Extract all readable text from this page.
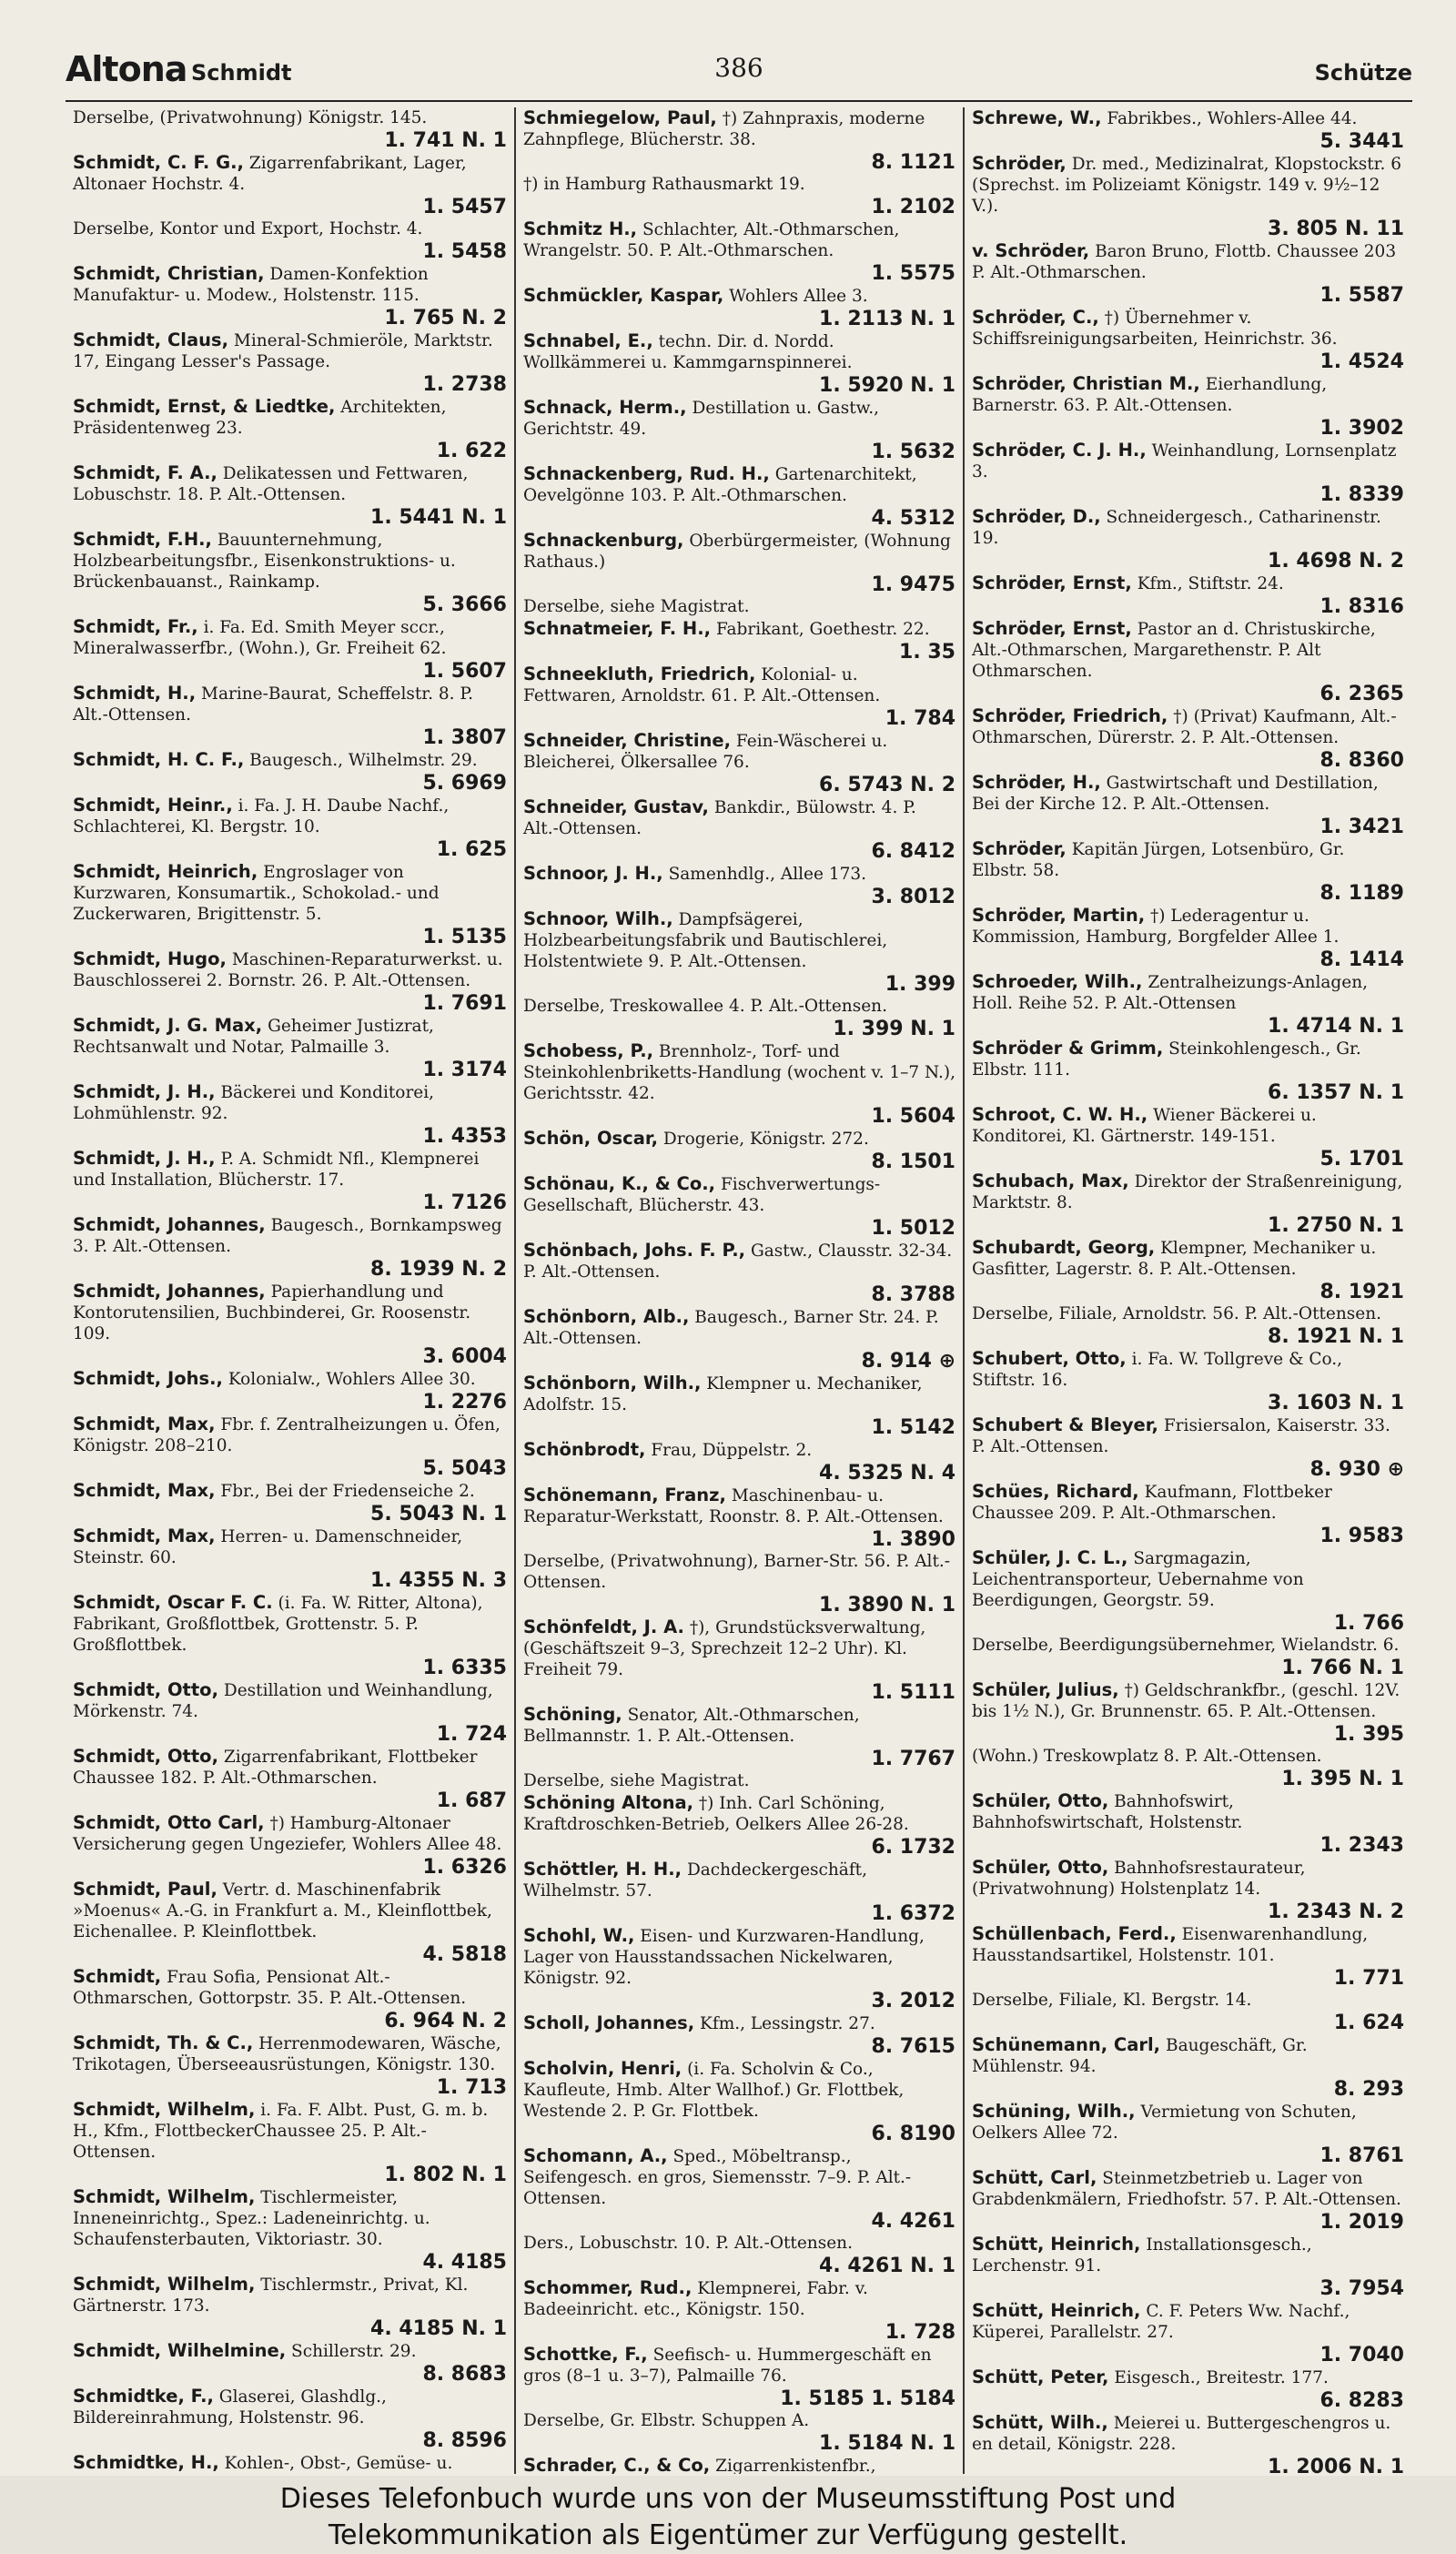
Altona Schmidt	386	Schütze
Derselbe, (Privatwohnung) Königstr. 145.
1. 741 N. 1
Schmidt, C. F. G., Zigarrenfabrikant, Lager, Altonaer Hochstr. 4.
1. 5457
Derselbe, Kontor und Export, Hochstr. 4.
1. 5458
Schmidt, Christian, Damen-Konfektion Manufaktur- u. Modew., Holstenstr. 115.
1. 765 N. 2
Schmidt, Claus, Mineral-Schmieröle, Marktstr. 17, Eingang Lesser's Passage.
1. 2738
Schmidt, Ernst, & Liedtke, Architekten, Präsidentenweg 23.
1. 622
Schmidt, F. A., Delikatessen und Fettwaren, Lobuschstr. 18. P. Alt.-Ottensen.
1. 5441 N. 1
Schmidt, F.H., Bauunternehmung, Holzbearbeitungsfbr., Eisenkonstruktions- u. Brückenbauanst., Rainkamp.
5. 3666
Schmidt, Fr., i. Fa. Ed. Smith Meyer sccr., Mineralwasserfbr., (Wohn.), Gr. Freiheit 62.
1. 5607
Schmidt, H., Marine-Baurat, Scheffelstr. 8. P. Alt.-Ottensen.
1. 3807
Schmidt, H. C. F., Baugesch., Wilhelmstr. 29.
5. 6969
Schmidt, Heinr., i. Fa. J. H. Daube Nachf., Schlachterei, Kl. Bergstr. 10.
1. 625
Schmidt, Heinrich, Engroslager von Kurzwaren, Konsumartik., Schokolad.- und Zuckerwaren, Brigittenstr. 5.
1. 5135
Schmidt, Hugo, Maschinen-Reparaturwerkst. u. Bauschlosserei 2. Bornstr. 26. P. Alt.-Ottensen.
1. 7691
Schmidt, J. G. Max, Geheimer Justizrat, Rechtsanwalt und Notar, Palmaille 3.
1. 3174
Schmidt, J. H., Bäckerei und Konditorei, Lohmühlenstr. 92.
1. 4353
Schmidt, J. H., P. A. Schmidt Nfl., Klempnerei und Installation, Blücherstr. 17.
1. 7126
Schmidt, Johannes, Baugesch., Bornkampsweg 3. P. Alt.-Ottensen.
8. 1939 N. 2
Schmidt, Johannes, Papierhandlung und Kontorutensilien, Buchbinderei, Gr. Roosenstr. 109.
3. 6004
Schmidt, Johs., Kolonialw., Wohlers Allee 30.
1. 2276
Schmidt, Max, Fbr. f. Zentralheizungen u. Öfen, Königstr. 208–210.
5. 5043
Schmidt, Max, Fbr., Bei der Friedenseiche 2.
5. 5043 N. 1
Schmidt, Max, Herren- u. Damenschneider, Steinstr. 60.
1. 4355 N. 3
Schmidt, Oscar F. C. (i. Fa. W. Ritter, Altona), Fabrikant, Großflottbek, Grottenstr. 5. P. Großflottbek.
1. 6335
Schmidt, Otto, Destillation und Weinhandlung, Mörkenstr. 74.
1. 724
Schmidt, Otto, Zigarrenfabrikant, Flottbeker Chaussee 182. P. Alt.-Othmarschen.
1. 687
Schmidt, Otto Carl, †) Hamburg-Altonaer Versicherung gegen Ungeziefer, Wohlers Allee 48.
1. 6326
Schmidt, Paul, Vertr. d. Maschinenfabrik »Moenus« A.-G. in Frankfurt a. M., Kleinflottbek, Eichenallee. P. Kleinflottbek.
4. 5818
Schmidt, Frau Sofia, Pensionat Alt.-Othmarschen, Gottorpstr. 35. P. Alt.-Ottensen.
6. 964 N. 2
Schmidt, Th. & C., Herrenmodewaren, Wäsche, Trikotagen, Überseeausrüstungen, Königstr. 130.
1. 713
Schmidt, Wilhelm, i. Fa. F. Albt. Pust, G. m. b. H., Kfm., FlottbeckerChaussee 25. P. Alt.-Ottensen.
1. 802 N. 1
Schmidt, Wilhelm, Tischlermeister, Inneneinrichtg., Spez.: Ladeneinrichtg. u. Schaufensterbauten, Viktoriastr. 30.
4. 4185
Schmidt, Wilhelm, Tischlermstr., Privat, Kl. Gärtnerstr. 173.
4. 4185 N. 1
Schmidt, Wilhelmine, Schillerstr. 29.
8. 8683
Schmidtke, F., Glaserei, Glashdlg., Bildereinrahmung, Holstenstr. 96.
8. 8596
Schmidtke, H., Kohlen-, Obst-, Gemüse- u.
Schmiegelow, Paul, †) Zahnpraxis, moderne Zahnpflege, Blücherstr. 38.
8. 1121
†) in Hamburg Rathausmarkt 19.
1. 2102
Schmitz H., Schlachter, Alt.-Othmarschen, Wrangelstr. 50. P. Alt.-Othmarschen.
1. 5575
Schmückler, Kaspar, Wohlers Allee 3.
1. 2113 N. 1
Schnabel, E., techn. Dir. d. Nordd. Wollkämmerei u. Kammgarnspinnerei.
1. 5920 N. 1
Schnack, Herm., Destillation u. Gastw., Gerichtstr. 49.
1. 5632
Schnackenberg, Rud. H., Gartenarchitekt, Oevelgönne 103. P. Alt.-Othmarschen.
4. 5312
Schnackenburg, Oberbürgermeister, (Wohnung Rathaus.)
1. 9475
Derselbe, siehe Magistrat.
Schnatmeier, F. H., Fabrikant, Goethestr. 22.
1. 35
Schneekluth, Friedrich, Kolonial- u. Fettwaren, Arnoldstr. 61. P. Alt.-Ottensen.
1. 784
Schneider, Christine, Fein-Wäscherei u. Bleicherei, Ölkersallee 76.
6. 5743 N. 2
Schneider, Gustav, Bankdir., Bülowstr. 4. P. Alt.-Ottensen.
6. 8412
Schnoor, J. H., Samenhdlg., Allee 173.
3. 8012
Schnoor, Wilh., Dampfsägerei, Holzbearbeitungsfabrik und Bautischlerei, Holstentwiete 9. P. Alt.-Ottensen.
1. 399
Derselbe, Treskowallee 4. P. Alt.-Ottensen.
1. 399 N. 1
Schobess, P., Brennholz-, Torf- und Steinkohlenbriketts-Handlung (wochent v. 1–7 N.), Gerichtsstr. 42.
1. 5604
Schön, Oscar, Drogerie, Königstr. 272.
8. 1501
Schönau, K., & Co., Fischverwertungs-Gesellschaft, Blücherstr. 43.
1. 5012
Schönbach, Johs. F. P., Gastw., Clausstr. 32-34. P. Alt.-Ottensen.
8. 3788
Schönborn, Alb., Baugesch., Barner Str. 24. P. Alt.-Ottensen.
8. 914 ⊕
Schönborn, Wilh., Klempner u. Mechaniker, Adolfstr. 15.
1. 5142
Schönbrodt, Frau, Düppelstr. 2.
4. 5325 N. 4
Schönemann, Franz, Maschinenbau- u. Reparatur-Werkstatt, Roonstr. 8. P. Alt.-Ottensen.
1. 3890
Derselbe, (Privatwohnung), Barner-Str. 56. P. Alt.-Ottensen.
1. 3890 N. 1
Schönfeldt, J. A. †), Grundstücksverwaltung, (Geschäftszeit 9–3, Sprechzeit 12–2 Uhr). Kl. Freiheit 79.
1. 5111
Schöning, Senator, Alt.-Othmarschen, Bellmannstr. 1. P. Alt.-Ottensen.
1. 7767
Derselbe, siehe Magistrat.
Schöning Altona, †) Inh. Carl Schöning, Kraftdroschken-Betrieb, Oelkers Allee 26-28.
6. 1732
Schöttler, H. H., Dachdeckergeschäft, Wilhelmstr. 57.
1. 6372
Schohl, W., Eisen- und Kurzwaren-Handlung, Lager von Hausstandssachen Nickelwaren, Königstr. 92.
3. 2012
Scholl, Johannes, Kfm., Lessingstr. 27.
8. 7615
Scholvin, Henri, (i. Fa. Scholvin & Co., Kaufleute, Hmb. Alter Wallhof.) Gr. Flottbek, Westende 2. P. Gr. Flottbek.
6. 8190
Schomann, A., Sped., Möbeltransp., Seifengesch. en gros, Siemensstr. 7–9. P. Alt.-Ottensen.
4. 4261
Ders., Lobuschstr. 10. P. Alt.-Ottensen.
4. 4261 N. 1
Schommer, Rud., Klempnerei, Fabr. v. Badeeinricht. etc., Königstr. 150.
1. 728
Schottke, F., Seefisch- u. Hummergeschäft en gros (8–1 u. 3–7), Palmaille 76.
1. 5185 1. 5184
Derselbe, Gr. Elbstr. Schuppen A.
1. 5184 N. 1
Schrader, C., & Co, Zigarrenkistenfbr.,
Schrewe, W., Fabrikbes., Wohlers-Allee 44.
5. 3441
Schröder, Dr. med., Medizinalrat, Klopstockstr. 6 (Sprechst. im Polizeiamt Königstr. 149 v. 9½–12 V.).
3. 805 N. 11
v. Schröder, Baron Bruno, Flottb. Chaussee 203 P. Alt.-Othmarschen.
1. 5587
Schröder, C., †) Übernehmer v. Schiffsreinigungsarbeiten, Heinrichstr. 36.
1. 4524
Schröder, Christian M., Eierhandlung, Barnerstr. 63. P. Alt.-Ottensen.
1. 3902
Schröder, C. J. H., Weinhandlung, Lornsenplatz 3.
1. 8339
Schröder, D., Schneidergesch., Catharinenstr. 19.
1. 4698 N. 2
Schröder, Ernst, Kfm., Stiftstr. 24.
1. 8316
Schröder, Ernst, Pastor an d. Christuskirche, Alt.-Othmarschen, Margarethenstr. P. Alt Othmarschen.
6. 2365
Schröder, Friedrich, †) (Privat) Kaufmann, Alt.-Othmarschen, Dürerstr. 2. P. Alt.-Ottensen.
8. 8360
Schröder, H., Gastwirtschaft und Destillation, Bei der Kirche 12. P. Alt.-Ottensen.
1. 3421
Schröder, Kapitän Jürgen, Lotsenbüro, Gr. Elbstr. 58.
8. 1189
Schröder, Martin, †) Lederagentur u. Kommission, Hamburg, Borgfelder Allee 1.
8. 1414
Schroeder, Wilh., Zentralheizungs-Anlagen, Holl. Reihe 52. P. Alt.-Ottensen
1. 4714 N. 1
Schröder & Grimm, Steinkohlengesch., Gr. Elbstr. 111.
6. 1357 N. 1
Schroot, C. W. H., Wiener Bäckerei u. Konditorei, Kl. Gärtnerstr. 149-151.
5. 1701
Schubach, Max, Direktor der Straßenreinigung, Marktstr. 8.
1. 2750 N. 1
Schubardt, Georg, Klempner, Mechaniker u. Gasfitter, Lagerstr. 8. P. Alt.-Ottensen.
8. 1921
Derselbe, Filiale, Arnoldstr. 56. P. Alt.-Ottensen.
8. 1921 N. 1
Schubert, Otto, i. Fa. W. Tollgreve & Co., Stiftstr. 16.
3. 1603 N. 1
Schubert & Bleyer, Frisiersalon, Kaiserstr. 33. P. Alt.-Ottensen.
8. 930 ⊕
Schües, Richard, Kaufmann, Flottbeker Chaussee 209. P. Alt.-Othmarschen.
1. 9583
Schüler, J. C. L., Sargmagazin, Leichentransporteur, Uebernahme von Beerdigungen, Georgstr. 59.
1. 766
Derselbe, Beerdigungsübernehmer, Wielandstr. 6.
1. 766 N. 1
Schüler, Julius, †) Geldschrankfbr., (geschl. 12V. bis 1½ N.), Gr. Brunnenstr. 65. P. Alt.-Ottensen.
1. 395
(Wohn.) Treskowplatz 8. P. Alt.-Ottensen.
1. 395 N. 1
Schüler, Otto, Bahnhofswirt, Bahnhofswirtschaft, Holstenstr.
1. 2343
Schüler, Otto, Bahnhofsrestaurateur, (Privatwohnung) Holstenplatz 14.
1. 2343 N. 2
Schüllenbach, Ferd., Eisenwarenhandlung, Hausstandsartikel, Holstenstr. 101.
1. 771
Derselbe, Filiale, Kl. Bergstr. 14.
1. 624
Schünemann, Carl, Baugeschäft, Gr. Mühlenstr. 94.
8. 293
Schüning, Wilh., Vermietung von Schuten, Oelkers Allee 72.
1. 8761
Schütt, Carl, Steinmetzbetrieb u. Lager von Grabdenkmälern, Friedhofstr. 57. P. Alt.-Ottensen.
1. 2019
Schütt, Heinrich, Installationsgesch., Lerchenstr. 91.
3. 7954
Schütt, Heinrich, C. F. Peters Ww. Nachf., Küperei, Parallelstr. 27.
1. 7040
Schütt, Peter, Eisgesch., Breitestr. 177.
6. 8283
Schütt, Wilh., Meierei u. Buttergeschengros u. en detail, Königstr. 228.
1. 2006 N. 1
Dieses Telefonbuch wurde uns von der Museumsstiftung Post und
Telekommunikation als Eigentümer zur Verfügung gestellt.
